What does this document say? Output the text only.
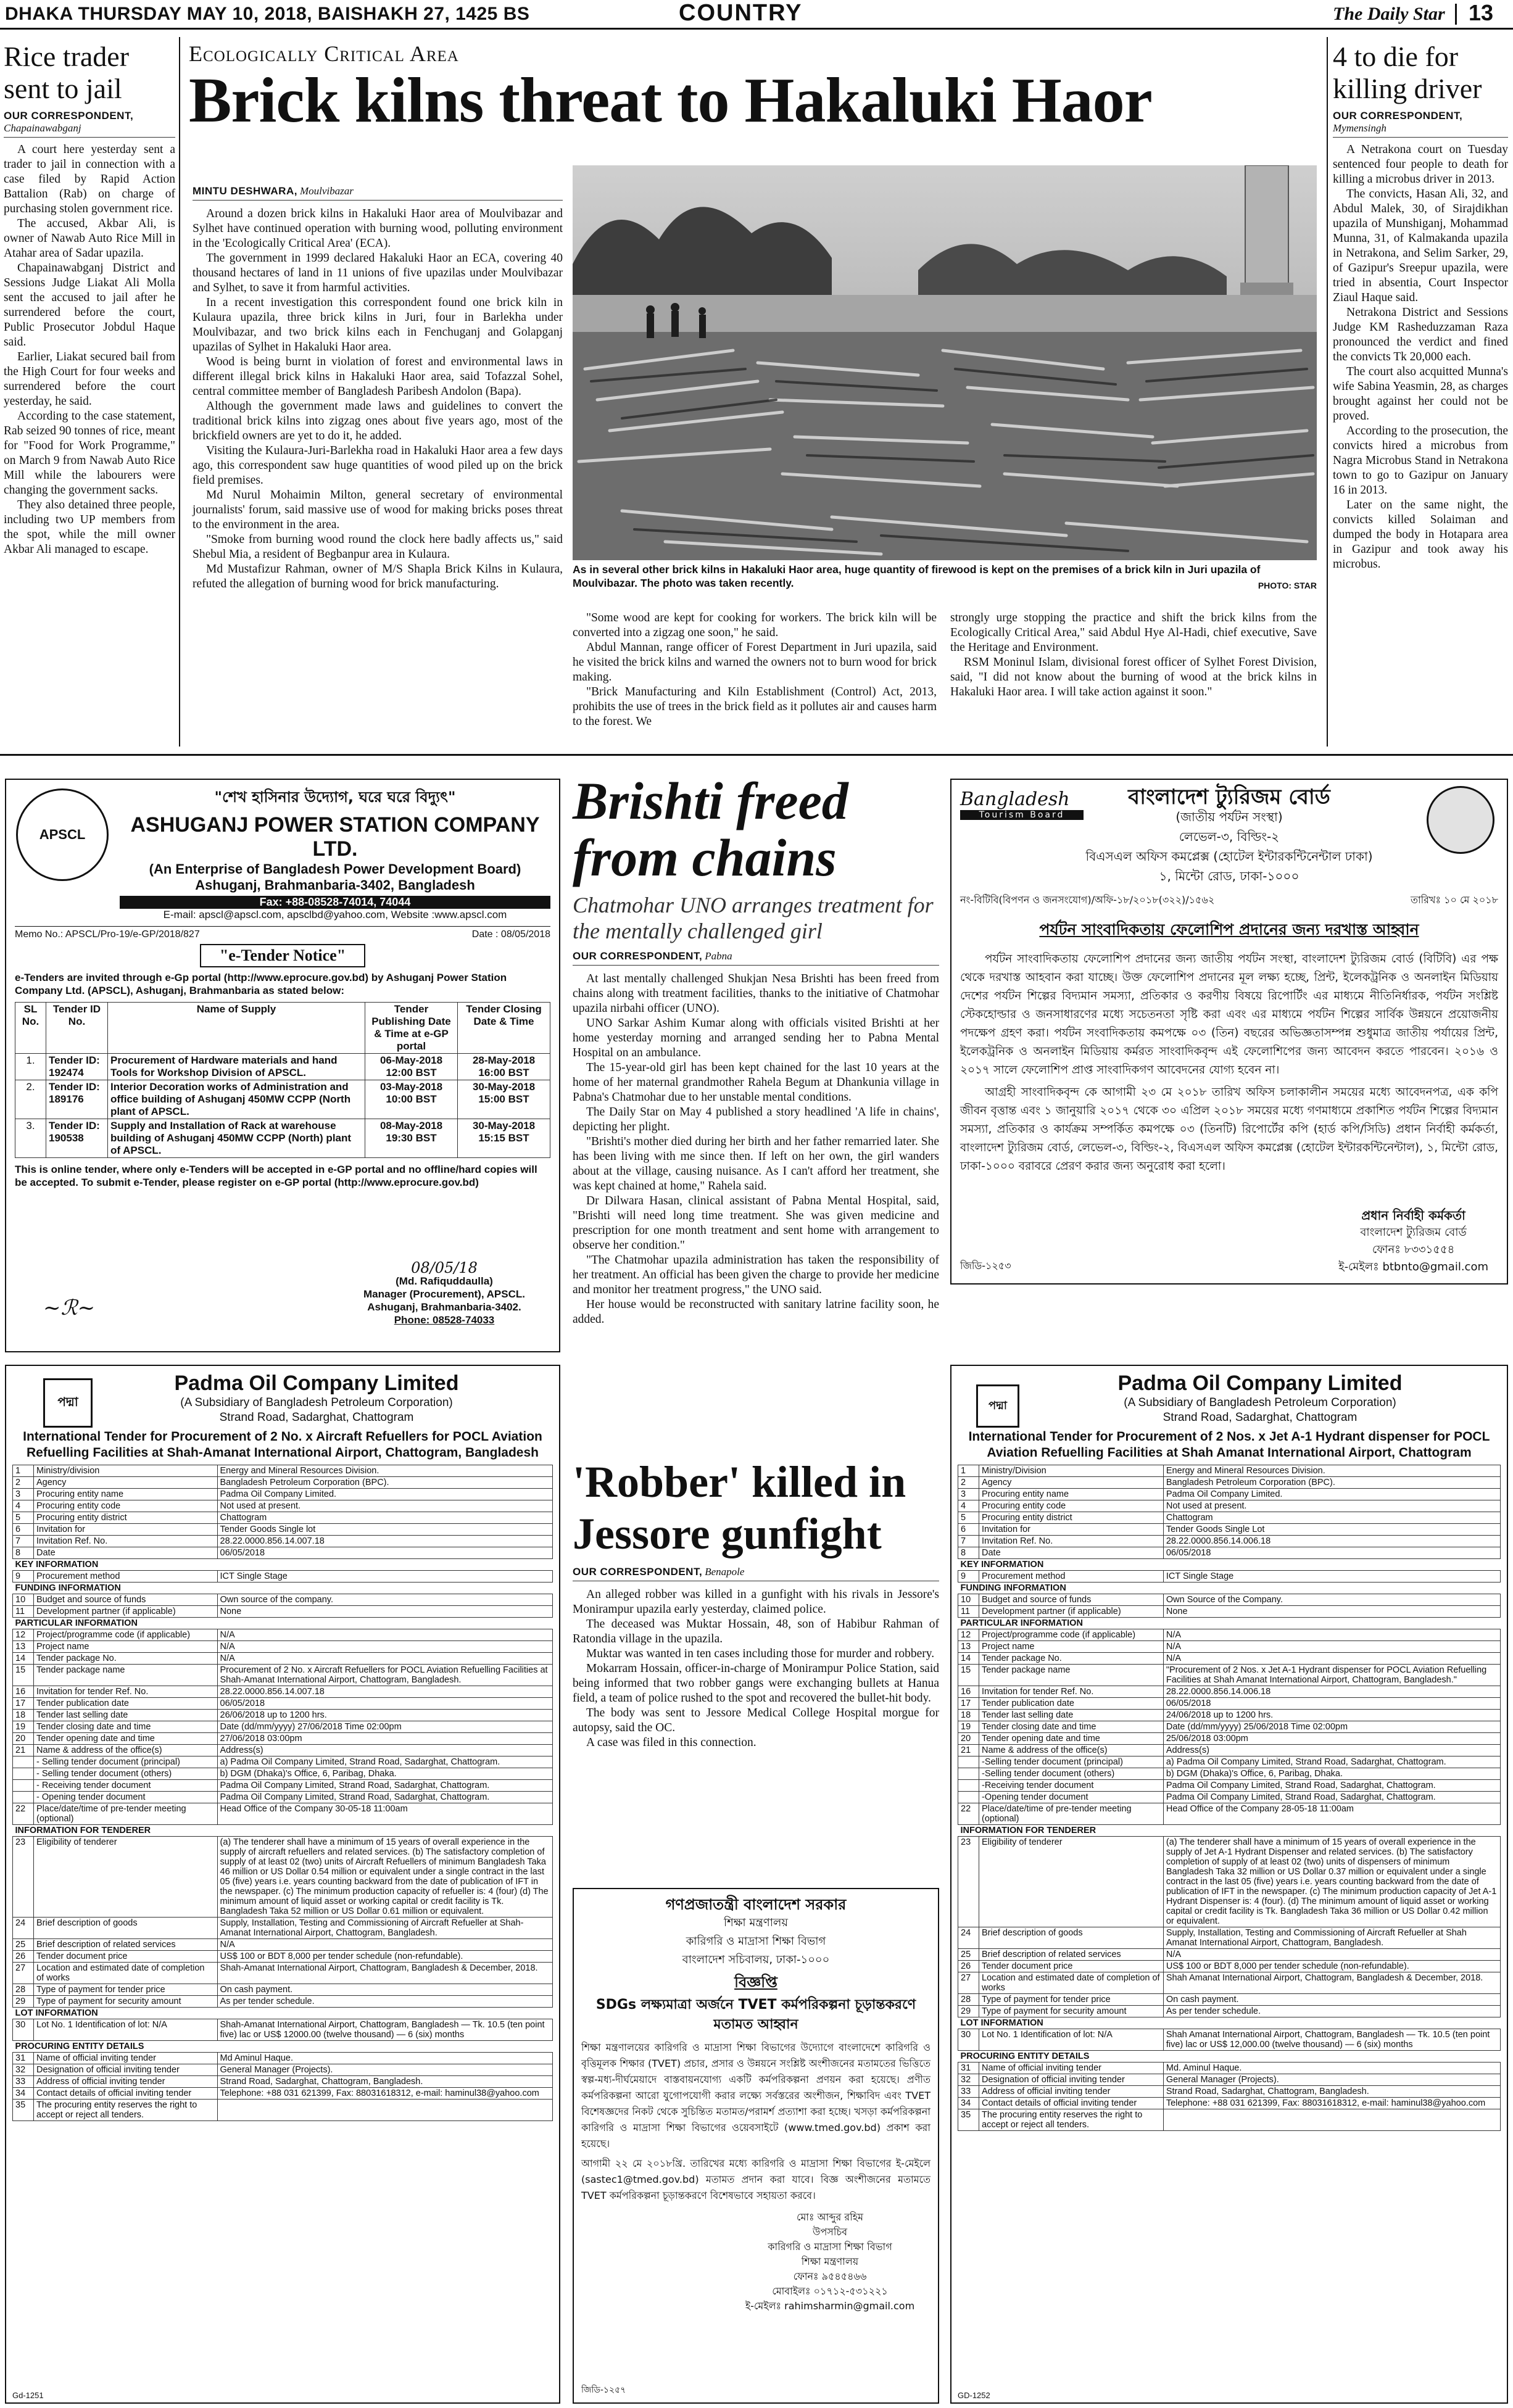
DHAKA THURSDAY MAY 10, 2018, BAISHAKH 27, 1425 BS	COUNTRY	The Daily Star 13
Rice trader sent to jail
OUR CORRESPONDENT,
Chapainawabganj

A court here yesterday sent a trader to jail in connection with a case filed by Rapid Action Battalion (Rab) on charge of purchasing stolen government rice.

The accused, Akbar Ali, is owner of Nawab Auto Rice Mill in Atahar area of Sadar upazila.

Chapainawabganj District and Sessions Judge Liakat Ali Molla sent the accused to jail after he surrendered before the court, Public Prosecutor Jobdul Haque said.

Earlier, Liakat secured bail from the High Court for four weeks and surrendered before the court yesterday, he said.

According to the case statement, Rab seized 90 tonnes of rice, meant for "Food for Work Programme," on March 9 from Nawab Auto Rice Mill while the labourers were changing the government sacks.

They also detained three people, including two UP members from the spot, while the mill owner Akbar Ali managed to escape.

Ecologically Critical Area
Brick kilns threat to Hakaluki Haor
MINTU DESHWARA, Moulvibazar

Around a dozen brick kilns in Hakaluki Haor area of Moulvibazar and Sylhet have continued operation with burning wood, polluting environment in the 'Ecologically Critical Area' (ECA).

The government in 1999 declared Hakaluki Haor an ECA, covering 40 thousand hectares of land in 11 unions of five upazilas under Moulvibazar and Sylhet, to save it from harmful activities.

In a recent investigation this correspondent found one brick kiln in Kulaura upazila, three brick kilns in Juri, four in Barlekha under Moulvibazar, and two brick kilns each in Fenchuganj and Golapganj upazilas of Sylhet in Hakaluki Haor area.

Wood is being burnt in violation of forest and environmental laws in different illegal brick kilns in Hakaluki Haor area, said Tofazzal Sohel, central committee member of Bangladesh Paribesh Andolon (Bapa).

Although the government made laws and guidelines to convert the traditional brick kilns into zigzag ones about five years ago, most of the brickfield owners are yet to do it, he added.

Visiting the Kulaura-Juri-Barlekha road in Hakaluki Haor area a few days ago, this correspondent saw huge quantities of wood piled up on the brick field premises.

Md Nurul Mohaimin Milton, general secretary of environmental journalists' forum, said massive use of wood for making bricks poses threat to the environment in the area.

"Smoke from burning wood round the clock here badly affects us," said Shebul Mia, a resident of Begbanpur area in Kulaura.

Md Mustafizur Rahman, owner of M/S Shapla Brick Kilns in Kulaura, refuted the allegation of burning wood for brick manufacturing.

As in several other brick kilns in Hakaluki Haor area, huge quantity of firewood is kept on the premises of a brick kiln in Juri upazila of Moulvibazar. The photo was taken recently.	PHOTO: STAR

"Some wood are kept for cooking for workers. The brick kiln will be converted into a zigzag one soon," he said.

Abdul Mannan, range officer of Forest Department in Juri upazila, said he visited the brick kilns and warned the owners not to burn wood for brick making.

"Brick Manufacturing and Kiln Establishment (Control) Act, 2013, prohibits the use of trees in the brick field as it pollutes air and causes harm to the forest. We

strongly urge stopping the practice and shift the brick kilns from the Ecologically Critical Area," said Abdul Hye Al-Hadi, chief executive, Save the Heritage and Environment.

RSM Moninul Islam, divisional forest officer of Sylhet Forest Division, said, "I did not know about the burning of wood at the brick kilns in Hakaluki Haor area. I will take action against it soon."

4 to die for killing driver
OUR CORRESPONDENT,
Mymensingh

A Netrakona court on Tuesday sentenced four people to death for killing a microbus driver in 2013.

The convicts, Hasan Ali, 32, and Abdul Malek, 30, of Sirajdikhan upazila of Munshiganj, Mohammad Munna, 31, of Kalmakanda upazila in Netrakona, and Selim Sarker, 29, of Gazipur's Sreepur upazila, were tried in absentia, Court Inspector Ziaul Haque said.

Netrakona District and Sessions Judge KM Rasheduzzaman Raza pronounced the verdict and fined the convicts Tk 20,000 each.

The court also acquitted Munna's wife Sabina Yeasmin, 28, as charges brought against her could not be proved.

According to the prosecution, the convicts hired a microbus from Nagra Microbus Stand in Netrakona town to go to Gazipur on January 16 in 2013.

Later on the same night, the convicts killed Solaiman and dumped the body in Hotapara area in Gazipur and took away his microbus.

APSCL
"শেখ হাসিনার উদ্যোগ, ঘরে ঘরে বিদ্যুৎ"
ASHUGANJ POWER STATION COMPANY LTD.
(An Enterprise of Bangladesh Power Development Board)
Ashuganj, Brahmanbaria-3402, Bangladesh
Fax: +88-08528-74014, 74044
E-mail: apscl@apscl.com, apsclbd@yahoo.com, Website :www.apscl.com
Memo No.: APSCL/Pro-19/e-GP/2018/827	Date : 08/05/2018
"e-Tender Notice"
e-Tenders are invited through e-Gp portal (http://www.eprocure.gov.bd) by Ashuganj Power Station Company Ltd. (APSCL), Ashuganj, Brahmanbaria as stated below:
SL No.	Tender ID No.	Name of Supply	Tender Publishing Date & Time at e-GP portal	Tender Closing Date & Time
1.	Tender ID: 192474	Procurement of Hardware materials and hand Tools for Workshop Division of APSCL.	06-May-2018 12:00 BST	28-May-2018 16:00 BST
2.	Tender ID: 189176	Interior Decoration works of Administration and office building of Ashuganj 450MW CCPP (North plant of APSCL.	03-May-2018 10:00 BST	30-May-2018 15:00 BST
3.	Tender ID: 190538	Supply and Installation of Rack at warehouse building of Ashuganj 450MW CCPP (North) plant of APSCL.	08-May-2018 19:30 BST	30-May-2018 15:15 BST
This is online tender, where only e-Tenders will be accepted in e-GP portal and no offline/hard copies will be accepted. To submit e-Tender, please register on e-GP portal (http://www.eprocure.gov.bd)
~ℛ~
08/05/18
(Md. Rafiquddaulla)
Manager (Procurement), APSCL.
Ashuganj, Brahmanbaria-3402.
Phone: 08528-74033
Brishti freed from chains
Chatmohar UNO arranges treatment for the mentally challenged girl
OUR CORRESPONDENT, Pabna

At last mentally challenged Shukjan Nesa Brishti has been freed from chains along with treatment facilities, thanks to the initiative of Chatmohar upazila nirbahi officer (UNO).

UNO Sarkar Ashim Kumar along with officials visited Brishti at her home yesterday morning and arranged sending her to Pabna Mental Hospital on an ambulance.

The 15-year-old girl has been kept chained for the last 10 years at the home of her maternal grandmother Rahela Begum at Dhankunia village in Pabna's Chatmohar due to her unstable mental conditions.

The Daily Star on May 4 published a story headlined 'A life in chains', depicting her plight.

"Brishti's mother died during her birth and her father remarried later. She has been living with me since then. If left on her own, the girl wanders about at the village, causing nuisance. As I can't afford her treatment, she was kept chained at home," Rahela said.

Dr Dilwara Hasan, clinical assistant of Pabna Mental Hospital, said, "Brishti will need long time treatment. She was given medicine and prescription for one month treatment and sent home with arrangement to observe her condition."

"The Chatmohar upazila administration has taken the responsibility of her treatment. An official has been given the charge to provide her medicine and monitor her treatment progress," the UNO said.

Her house would be reconstructed with sanitary latrine facility soon, he added.

'Robber' killed in Jessore gunfight
OUR CORRESPONDENT, Benapole

An alleged robber was killed in a gunfight with his rivals in Jessore's Monirampur upazila early yesterday, claimed police.

The deceased was Muktar Hossain, 48, son of Habibur Rahman of Ratondia village in the upazila.

Muktar was wanted in ten cases including those for murder and robbery.

Mokarram Hossain, officer-in-charge of Monirampur Police Station, said being informed that two robber gangs were exchanging bullets at Hanua field, a team of police rushed to the spot and recovered the bullet-hit body.

The body was sent to Jessore Medical College Hospital morgue for autopsy, said the OC.

A case was filed in this connection.

Bangladesh
Tourism Board
বাংলাদেশ ট্যুরিজম বোর্ড
(জাতীয় পর্যটন সংস্থা)
লেভেল-৩, বিল্ডিং-২
বিএসএল অফিস কমপ্লেক্স (হোটেল ইন্টারকন্টিনেন্টাল ঢাকা)
১, মিন্টো রোড, ঢাকা-১০০০
নং-বিটিবি(বিপণন ও জনসংযোগ)/অফি-১৮/২০১৮(৩২২)/১৫৬২	তারিখঃ ১০ মে ২০১৮
পর্যটন সাংবাদিকতায় ফেলোশিপ প্রদানের জন্য দরখাস্ত আহ্বান
পর্যটন সাংবাদিকতায় ফেলোশিপ প্রদানের জন্য জাতীয় পর্যটন সংস্থা, বাংলাদেশ ট্যুরিজম বোর্ড (বিটিবি) এর পক্ষ থেকে দরখাস্ত আহবান করা যাচ্ছে। উক্ত ফেলোশিপ প্রদানের মূল লক্ষ্য হচ্ছে, প্রিন্ট, ইলেকট্রনিক ও অনলাইন মিডিয়ায় দেশের পর্যটন শিল্পের বিদ্যমান সমস্যা, প্রতিকার ও করণীয় বিষয়ে রিপোর্টিং এর মাধ্যমে নীতিনির্ধারক, পর্যটন সংশ্লিষ্ট স্টেকহোল্ডার ও জনসাধারণের মধ্যে সচেতনতা সৃষ্টি করা এবং এর মাধ্যমে পর্যটন শিল্পের সার্বিক উন্নয়নে প্রয়োজনীয় পদক্ষেপ গ্রহণ করা। পর্যটন সংবাদিকতায় কমপক্ষে ০৩ (তিন) বছরের অভিজ্ঞতাসম্পন্ন শুধুমাত্র জাতীয় পর্যায়ের প্রিন্ট, ইলেকট্রনিক ও অনলাইন মিডিয়ায় কর্মরত সাংবাদিকবৃন্দ এই ফেলোশিপের জন্য আবেদন করতে পারবেন। ২০১৬ ও ২০১৭ সালে ফেলোশিপ প্রাপ্ত সাংবাদিকগণ আবেদনের যোগ্য হবেন না।
আগ্রহী সাংবাদিকবৃন্দ কে আগামী ২৩ মে ২০১৮ তারিখ অফিস চলাকালীন সময়ের মধ্যে আবেদনপত্র, এক কপি জীবন বৃত্তান্ত এবং ১ জানুয়ারি ২০১৭ থেকে ৩০ এপ্রিল ২০১৮ সময়ের মধ্যে গণমাধ্যমে প্রকাশিত পর্যটন শিল্পের বিদ্যমান সমস্যা, প্রতিকার ও কার্যক্রম সম্পর্কিত কমপক্ষে ০৩ (তিনটি) রিপোর্টের কপি (হার্ড কপি/সিডি) প্রধান নির্বাহী কর্মকর্তা, বাংলাদেশ ট্যুরিজম বোর্ড, লেভেল-৩, বিল্ডিং-২, বিএসএল অফিস কমপ্লেক্স (হোটেল ইন্টারকন্টিনেন্টাল), ১, মিন্টো রোড, ঢাকা-১০০০ বরাবরে প্রেরণ করার জন্য অনুরোধ করা হলো।
প্রধান নির্বাহী কর্মকর্তা
বাংলাদেশ ট্যুরিজম বোর্ড
ফোনঃ ৮৩৩১৫৫৪
ই-মেইলঃ btbnto@gmail.com
জিডি-১২৫৩
পদ্মা
Padma Oil Company Limited
(A Subsidiary of Bangladesh Petroleum Corporation)
Strand Road, Sadarghat, Chattogram
International Tender for Procurement of 2 No. x Aircraft Refuellers for POCL Aviation Refuelling Facilities at Shah-Amanat International Airport, Chattogram, Bangladesh
1	Ministry/division	Energy and Mineral Resources Division.
2	Agency	Bangladesh Petroleum Corporation (BPC).
3	Procuring entity name	Padma Oil Company Limited.
4	Procuring entity code	Not used at present.
5	Procuring entity district	Chattogram
6	Invitation for	Tender Goods Single lot
7	Invitation Ref. No.	28.22.0000.856.14.007.18
8	Date	06/05/2018
KEY INFORMATION		
9	Procurement method	ICT Single Stage
FUNDING INFORMATION		
10	Budget and source of funds	Own source of the company.
11	Development partner (if applicable)	None
PARTICULAR INFORMATION		
12	Project/programme code (if applicable)	N/A
13	Project name	N/A
14	Tender package No.	N/A
15	Tender package name	Procurement of 2 No. x Aircraft Refuellers for POCL Aviation Refuelling Facilities at Shah-Amanat International Airport, Chattogram, Bangladesh.
16	Invitation for tender Ref. No.	28.22.0000.856.14.007.18
17	Tender publication date	06/05/2018
18	Tender last selling date	26/06/2018 up to 1200 hrs.
19	Tender closing date and time	Date (dd/mm/yyyy) 27/06/2018 Time 02:00pm
20	Tender opening date and time	27/06/2018 03:00pm
21	Name & address of the office(s)	Address(s)
	- Selling tender document (principal)	a) Padma Oil Company Limited, Strand Road, Sadarghat, Chattogram.
	- Selling tender document (others)	b) DGM (Dhaka)'s Office, 6, Paribag, Dhaka.
	- Receiving tender document	Padma Oil Company Limited, Strand Road, Sadarghat, Chattogram.
	- Opening tender document	Padma Oil Company Limited, Strand Road, Sadarghat, Chattogram.
22	Place/date/time of pre-tender meeting (optional)	Head Office of the Company 30-05-18 11:00am
INFORMATION FOR TENDERER		
23	Eligibility of tenderer	(a) The tenderer shall have a minimum of 15 years of overall experience in the supply of aircraft refuellers and related services. (b) The satisfactory completion of supply of at least 02 (two) units of Aircraft Refuellers of minimum Bangladesh Taka 46 million or US Dollar 0.54 million or equivalent under a single contract in the last 05 (five) years i.e. years counting backward from the date of publication of IFT in the newspaper. (c) The minimum production capacity of refueller is: 4 (four) (d) The minimum amount of liquid asset or working capital or credit facility is Tk. Bangladesh Taka 52 million or US Dollar 0.61 million or equivalent.
24	Brief description of goods	Supply, Installation, Testing and Commissioning of Aircraft Refueller at Shah-Amanat International Airport, Chattogram, Bangladesh.
25	Brief description of related services	N/A
26	Tender document price	US$ 100 or BDT 8,000 per tender schedule (non-refundable).
27	Location and estimated date of completion of works	Shah-Amanat International Airport, Chattogram, Bangladesh & December, 2018.
28	Type of payment for tender price	On cash payment.
29	Type of payment for security amount	As per tender schedule.
LOT INFORMATION		
30	Lot No. 1 Identification of lot: N/A	Shah-Amanat International Airport, Chattogram, Bangladesh — Tk. 10.5 (ten point five) lac or US$ 12000.00 (twelve thousand) — 6 (six) months
PROCURING ENTITY DETAILS		
31	Name of official inviting tender	Md Aminul Haque.
32	Designation of official inviting tender	General Manager (Projects).
33	Address of official inviting tender	Strand Road, Sadarghat, Chattogram, Bangladesh.
34	Contact details of official inviting tender	Telephone: +88 031 621399, Fax: 88031618312, e-mail: haminul38@yahoo.com
35	The procuring entity reserves the right to accept or reject all tenders.	
Gd-1251
গণপ্রজাতন্ত্রী বাংলাদেশ সরকার
শিক্ষা মন্ত্রণালয়
কারিগরি ও মাদ্রাসা শিক্ষা বিভাগ
বাংলাদেশ সচিবালয়, ঢাকা-১০০০
বিজ্ঞপ্তি
SDGs লক্ষ্যমাত্রা অর্জনে TVET কর্মপরিকল্পনা চূড়ান্তকরণে মতামত আহ্বান
শিক্ষা মন্ত্রণালয়ের কারিগরি ও মাদ্রাসা শিক্ষা বিভাগের উদ্যোগে বাংলাদেশে কারিগরি ও বৃত্তিমূলক শিক্ষার (TVET) প্রচার, প্রসার ও উন্নয়নে সংশ্লিষ্ট অংশীজনের মতামতের ভিত্তিতে স্বল্প-মধ্য-দীর্ঘমেয়াদে বাস্তবায়নযোগ্য একটি কর্মপরিকল্পনা প্রণয়ন করা হয়েছে। প্রণীত কর্মপরিকল্পনা আরো যুগোপযোগী করার লক্ষ্যে সর্বস্তরের অংশীজন, শিক্ষাবিদ এবং TVET বিশেষজ্ঞদের নিকট থেকে সুচিন্তিত মতামত/পরামর্শ প্রত্যাশা করা হচ্ছে। খসড়া কর্মপরিকল্পনা কারিগরি ও মাদ্রাসা শিক্ষা বিভাগের ওয়েবসাইটে (www.tmed.gov.bd) প্রকাশ করা হয়েছে।
আগামী ২২ মে ২০১৮খ্রি. তারিখের মধ্যে কারিগরি ও মাদ্রাসা শিক্ষা বিভাগের ই-মেইলে (sastec1@tmed.gov.bd) মতামত প্রদান করা যাবে। বিজ্ঞ অংশীজনের মতামতে TVET কর্মপরিকল্পনা চূড়ান্তকরণে বিশেষভাবে সহায়তা করবে।
মোঃ আব্দুর রহিম
উপসচিব
কারিগরি ও মাদ্রাসা শিক্ষা বিভাগ
শিক্ষা মন্ত্রণালয়
ফোনঃ ৯৫৪৫৪৬৬
মোবাইলঃ ০১৭১২-৫৩১২২১
ই-মেইলঃ rahimsharmin@gmail.com
জিডি-১২৫৭
পদ্মা
Padma Oil Company Limited
(A Subsidiary of Bangladesh Petroleum Corporation)
Strand Road, Sadarghat, Chattogram
International Tender for Procurement of 2 Nos. x Jet A-1 Hydrant dispenser for POCL Aviation Refuelling Facilities at Shah Amanat International Airport, Chattogram
1	Ministry/Division	Energy and Mineral Resources Division.
2	Agency	Bangladesh Petroleum Corporation (BPC).
3	Procuring entity name	Padma Oil Company Limited.
4	Procuring entity code	Not used at present.
5	Procuring entity district	Chattogram
6	Invitation for	Tender Goods Single Lot
7	Invitation Ref. No.	28.22.0000.856.14.006.18
8	Date	06/05/2018
KEY INFORMATION		
9	Procurement method	ICT Single Stage
FUNDING INFORMATION		
10	Budget and source of funds	Own Source of the Company.
11	Development partner (if applicable)	None
PARTICULAR INFORMATION		
12	Project/programme code (if applicable)	N/A
13	Project name	N/A
14	Tender package No.	N/A
15	Tender package name	"Procurement of 2 Nos. x Jet A-1 Hydrant dispenser for POCL Aviation Refuelling Facilities at Shah Amanat International Airport, Chattogram, Bangladesh."
16	Invitation for tender Ref. No.	28.22.0000.856.14.006.18
17	Tender publication date	06/05/2018
18	Tender last selling date	24/06/2018 up to 1200 hrs.
19	Tender closing date and time	Date (dd/mm/yyyy) 25/06/2018 Time 02:00pm
20	Tender opening date and time	25/06/2018 03:00pm
21	Name & address of the office(s)	Address(s)
	-Selling tender document (principal)	a) Padma Oil Company Limited, Strand Road, Sadarghat, Chattogram.
	-Selling tender document (others)	b) DGM (Dhaka)'s Office, 6, Paribag, Dhaka.
	-Receiving tender document	Padma Oil Company Limited, Strand Road, Sadarghat, Chattogram.
	-Opening tender document	Padma Oil Company Limited, Strand Road, Sadarghat, Chattogram.
22	Place/date/time of pre-tender meeting (optional)	Head Office of the Company 28-05-18 11:00am
INFORMATION FOR TENDERER		
23	Eligibility of tenderer	(a) The tenderer shall have a minimum of 15 years of overall experience in the supply of Jet A-1 Hydrant Dispenser and related services. (b) The satisfactory completion of supply of at least 02 (two) units of dispensers of minimum Bangladesh Taka 32 million or US Dollar 0.37 million or equivalent under a single contract in the last 05 (five) years i.e. years counting backward from the date of publication of IFT in the newspaper. (c) The minimum production capacity of Jet A-1 Hydrant Dispenser is: 4 (four). (d) The minimum amount of liquid asset or working capital or credit facility is Tk. Bangladesh Taka 36 million or US Dollar 0.42 million or equivalent.
24	Brief description of goods	Supply, Installation, Testing and Commissioning of Aircraft Refueller at Shah Amanat International Airport, Chattogram, Bangladesh.
25	Brief description of related services	N/A
26	Tender document price	US$ 100 or BDT 8,000 per tender schedule (non-refundable).
27	Location and estimated date of completion of works	Shah Amanat International Airport, Chattogram, Bangladesh & December, 2018.
28	Type of payment for tender price	On cash payment.
29	Type of payment for security amount	As per tender schedule.
LOT INFORMATION		
30	Lot No. 1 Identification of lot: N/A	Shah Amanat International Airport, Chattogram, Bangladesh — Tk. 10.5 (ten point five) lac or US$ 12,000.00 (twelve thousand) — 6 (six) months
PROCURING ENTITY DETAILS		
31	Name of official inviting tender	Md. Aminul Haque.
32	Designation of official inviting tender	General Manager (Projects).
33	Address of official inviting tender	Strand Road, Sadarghat, Chattogram, Bangladesh.
34	Contact details of official inviting tender	Telephone: +88 031 621399, Fax: 88031618312, e-mail: haminul38@yahoo.com
35	The procuring entity reserves the right to accept or reject all tenders.	
GD-1252
